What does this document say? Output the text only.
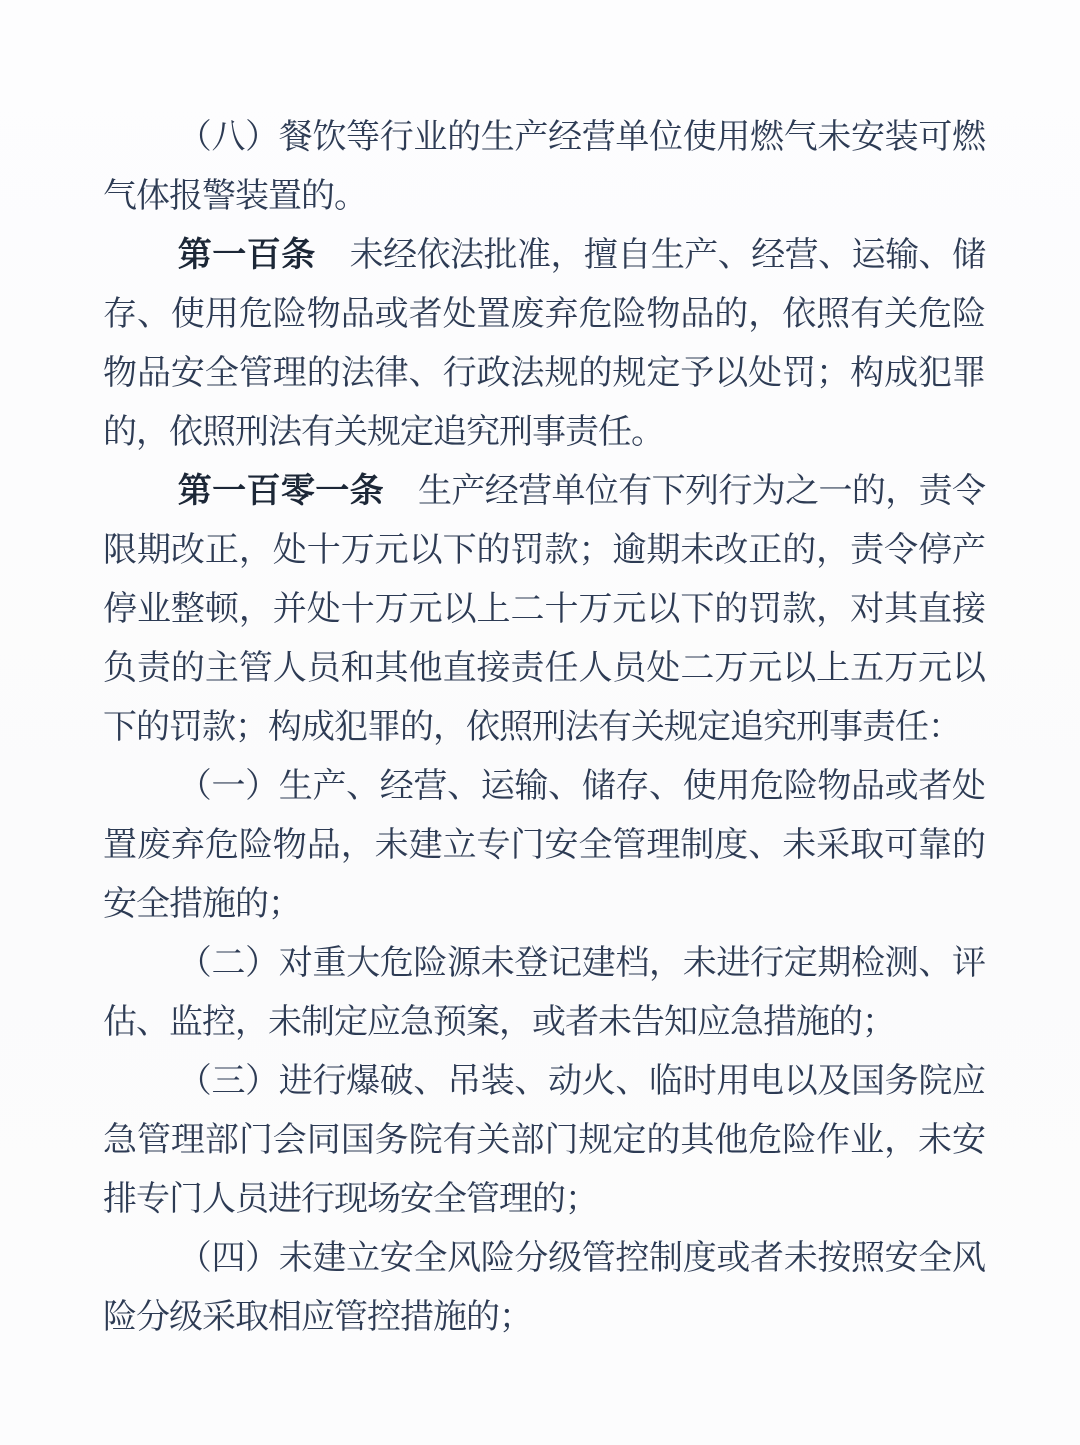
（八）餐饮等行业的生产经营单位使用燃气未安装可燃气体报警装置的。

第一百条 未经依法批准，擅自生产、经营、运输、储存、使用危险物品或者处置废弃危险物品的，依照有关危险物品安全管理的法律、行政法规的规定予以处罚；构成犯罪的，依照刑法有关规定追究刑事责任。

第一百零一条 生产经营单位有下列行为之一的，责令限期改正，处十万元以下的罚款；逾期未改正的，责令停产停业整顿，并处十万元以上二十万元以下的罚款，对其直接负责的主管人员和其他直接责任人员处二万元以上五万元以下的罚款；构成犯罪的，依照刑法有关规定追究刑事责任：

（一）生产、经营、运输、储存、使用危险物品或者处置废弃危险物品，未建立专门安全管理制度、未采取可靠的安全措施的；

（二）对重大危险源未登记建档，未进行定期检测、评估、监控，未制定应急预案，或者未告知应急措施的；

（三）进行爆破、吊装、动火、临时用电以及国务院应急管理部门会同国务院有关部门规定的其他危险作业，未安排专门人员进行现场安全管理的；

（四）未建立安全风险分级管控制度或者未按照安全风险分级采取相应管控措施的；
